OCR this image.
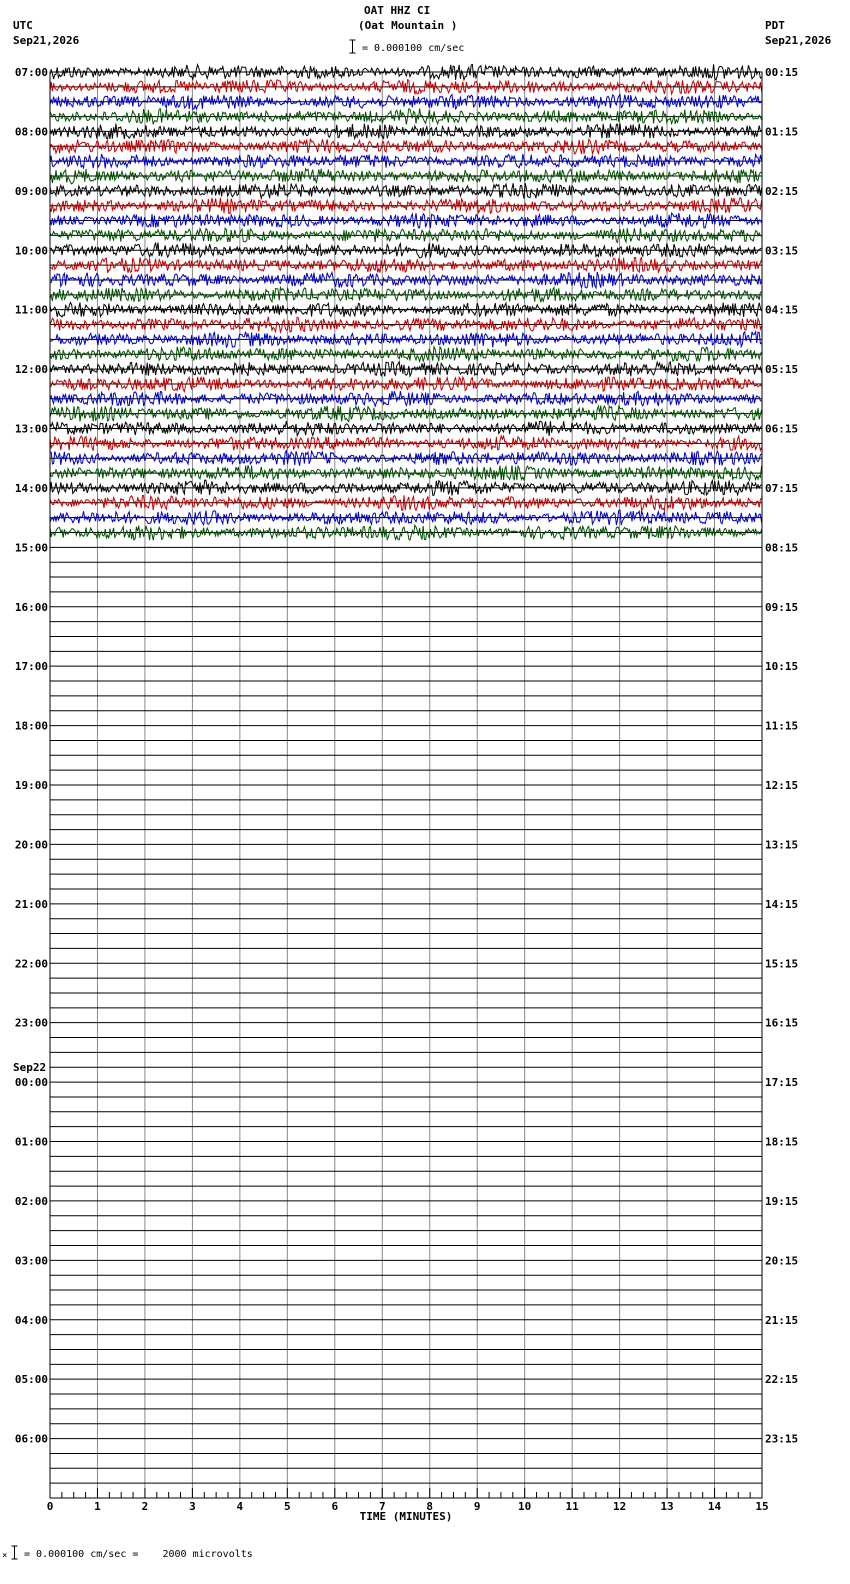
07:00	00:15
08:00	01:15
09:00	02:15
10:00	03:15
11:00	04:15
12:00	05:15
13:00	06:15
14:00	07:15
15:00	08:15
16:00	09:15
17:00	10:15
18:00	11:15
19:00	12:15
20:00	13:15
21:00	14:15
22:00	15:15
23:00	16:15
00:00	17:15
Sep22
01:00	18:15
02:00	19:15
03:00	20:15
04:00	21:15
05:00	22:15
06:00	23:15
0	1	2	3	4	5	6	7	8	9	10	11	12	13	14	15
TIME (MINUTES)
OAT HHZ CI
(Oat Mountain )
UTC
Sep21,2026
PDT
Sep21,2026
= 0.000100 cm/sec
× = 0.000100 cm/sec =    2000 microvolts
